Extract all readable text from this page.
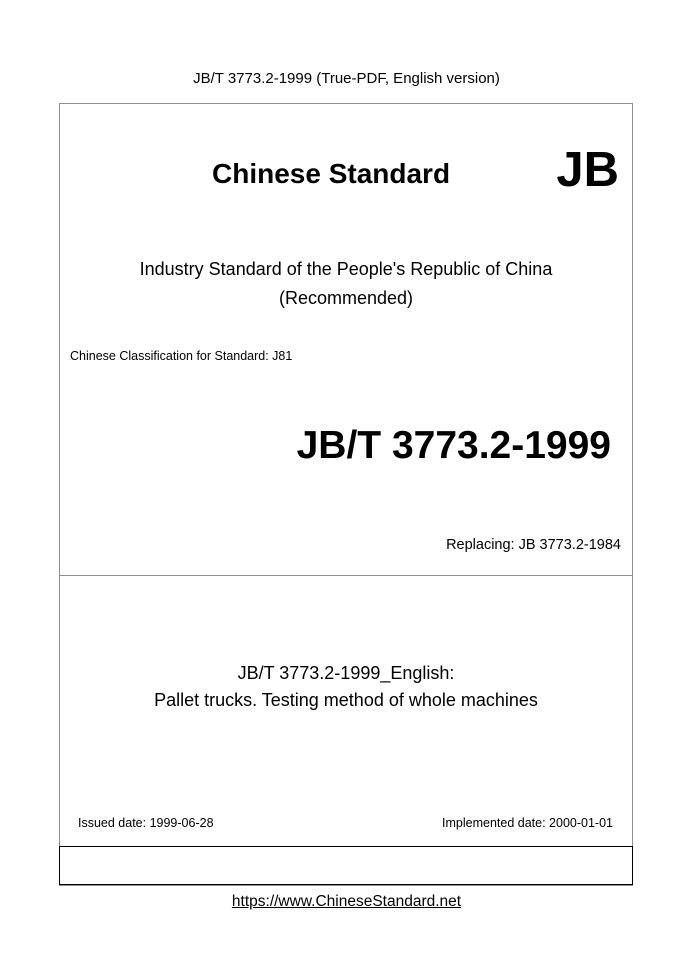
JB/T 3773.2-1999 (True-PDF, English version)
Chinese Standard JB
Industry Standard of the People's Republic of China
(Recommended)
Chinese Classification for Standard: J81
JB/T 3773.2-1999
Replacing: JB 3773.2-1984
JB/T 3773.2-1999_English:
Pallet trucks. Testing method of whole machines
Issued date: 1999-06-28	Implemented date: 2000-01-01
https://www.ChineseStandard.net
